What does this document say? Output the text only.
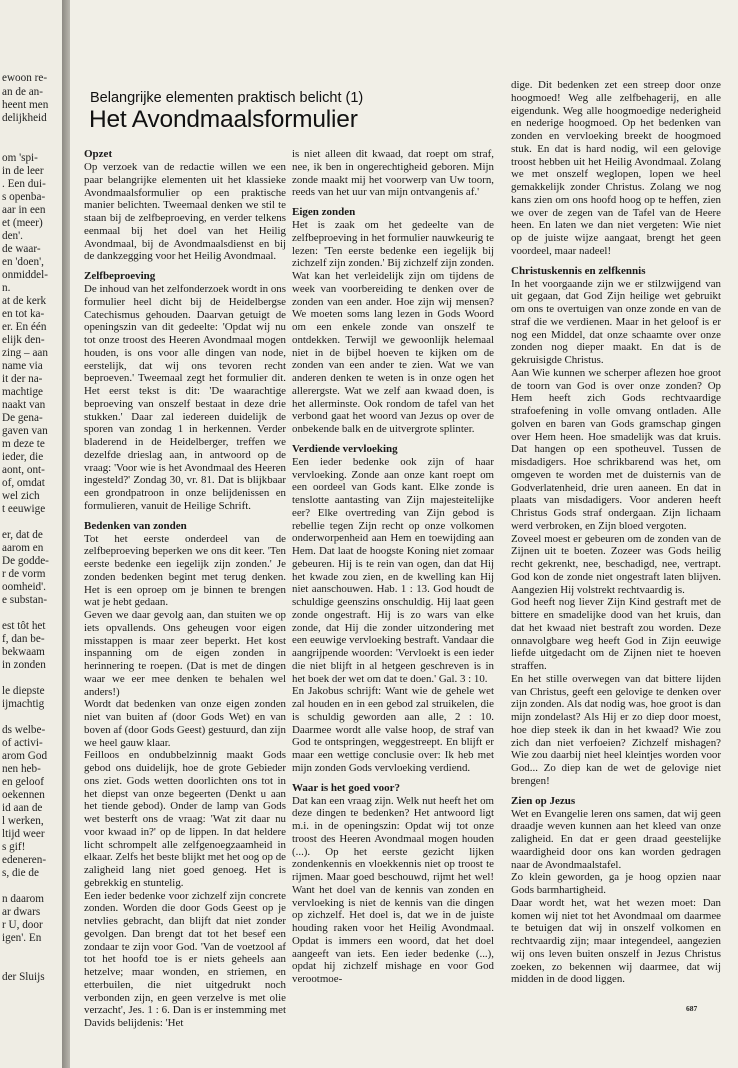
ewoon re-
an de an-
heent men
delijkheid
om 'spi-
in de leer
. Een dui-
s openba-
aar in een
et (meer)
den'.
de waar-
en 'doen',
onmiddel-
n.
at de kerk
en tot ka-
er. En één
elijk den-
zing – aan
name via
it der na-
machtige
naakt van
De gena-
gaven van
m deze te
ieder, die
aont, ont-
of, omdat
wel zich
t eeuwige
er, dat de
aarom en
De godde-
r de vorm
oomheid'.
e substan-
est tôt het
f, dan be-
bekwaam
in zonden
le diepste
ijmachtig
ds welbe-
of activi-
arom God
nen heb-
en geloof
oekennen
id aan de
l werken,
ltijd weer
s gif!
edeneren-
s, die de
n daarom
ar dwars
r U, door
igen'. En
der Sluijs
Belangrijke elementen praktisch belicht (1)
Het Avondmaalsformulier
Opzet

Op verzoek van de redactie willen we een paar belangrijke elementen uit het klassieke Avondmaalsformulier op een praktische manier belichten. Tweemaal denken we stil te staan bij de zelfbeproeving, en verder telkens eenmaal bij het doel van het Heilig Avondmaal, bij de Avondmaalsdienst en bij de dankzegging voor het Heilig Avondmaal.

Zelfbeproeving

De inhoud van het zelfonderzoek wordt in ons formulier heel dicht bij de Heidelbergse Catechismus gehouden. Daarvan getuigt de openingszin van dit gedeelte: 'Opdat wij nu tot onze troost des Heeren Avondmaal mogen houden, is ons voor alle dingen van node, eerstelijk, dat wij ons tevoren recht beproeven.' Tweemaal zegt het formulier dit. Het eerst tekst is dit: 'De waarachtige beproeving van onszelf bestaat in deze drie stukken.' Daar zal iedereen duidelijk de sporen van zondag 1 in herkennen. Verder bladerend in de Heidelberger, treffen we dezelfde drieslag aan, in antwoord op de vraag: 'Voor wie is het Avondmaal des Heeren ingesteld?' Zondag 30, vr. 81. Dat is blijkbaar een grondpatroon in onze belijdenissen en formulieren, vanuit de Heilige Schrift.

Bedenken van zonden

Tot het eerste onderdeel van de zelfbeproeving beperken we ons dit keer. 'Ten eerste bedenke een iegelijk zijn zonden.' Je zonden bedenken begint met terug denken. Het is een oproep om je binnen te brengen wat je hebt gedaan.

Geven we daar gevolg aan, dan stuiten we op iets opvallends. Ons geheugen voor eigen misstappen is maar zeer beperkt. Het kost inspanning om de eigen zonden in herinnering te roepen. (Dat is met de dingen waar we eer mee denken te behalen wel anders!)

Wordt dat bedenken van onze eigen zonden niet van buiten af (door Gods Wet) en van boven af (door Gods Geest) gestuurd, dan zijn we heel gauw klaar.

Feilloos en ondubbelzinnig maakt Gods gebod ons duidelijk, hoe de grote Gebieder ons ziet. Gods wetten doorlichten ons tot in het diepst van onze begeerten (Denkt u aan het tiende gebod). Onder de lamp van Gods wet besterft ons de vraag: 'Wat zit daar nu voor kwaad in?' op de lippen. In dat heldere licht schrompelt alle zelfgenoegzaamheid in elkaar. Zelfs het beste blijkt met het oog op de zaligheid lang niet goed genoeg. Het is gebrekkig en stuntelig.

Een ieder bedenke voor zichzelf zijn concrete zonden. Worden die door Gods Geest op je netvlies gebracht, dan blijft dat niet zonder gevolgen. Dan brengt dat tot het besef een zondaar te zijn voor God. 'Van de voetzool af tot het hoofd toe is er niets geheels aan hetzelve; maar wonden, en striemen, en etterbuilen, die niet uitgedrukt noch verbonden zijn, en geen verzelve is met olie verzacht', Jes. 1 : 6. Dan is er instemming met Davids belijdenis: 'Het

is niet alleen dit kwaad, dat roept om straf, nee, ik ben in ongerechtigheid geboren. Mijn zonde maakt mij het voorwerp van Uw toorn, reeds van het uur van mijn ontvangenis af.'

Eigen zonden

Het is zaak om het gedeelte van de zelfbeproeving in het formulier nauwkeurig te lezen: 'Ten eerste bedenke een iegelijk bij zichzelf zijn zonden.' Bij zichzelf zijn zonden. Wat kan het verleidelijk zijn om tijdens de week van voorbereiding te denken over de zonden van een ander. Hoe zijn wij mensen? We moeten soms lang lezen in Gods Woord om een enkele zonde van onszelf te ontdekken. Terwijl we gewoonlijk helemaal niet in de bijbel hoeven te kijken om de zonden van een ander te zien. Wat we van anderen denken te weten is in onze ogen het allerergste. Wat we zelf aan kwaad doen, is het allerminste. Ook rondom de tafel van het verbond gaat het woord van Jezus op over de onbekende balk en de uitvergrote splinter.

Verdiende vervloeking

Een ieder bedenke ook zijn of haar vervloeking. Zonde aan onze kant roept om een oordeel van Gods kant. Elke zonde is tenslotte aantasting van Zijn majesteitelijke eer? Elke overtreding van Zijn gebod is rebellie tegen Zijn recht op onze volkomen onderworpenheid aan Hem en toewijding aan Hem. Dat laat de hoogste Koning niet zomaar gebeuren. Hij is te rein van ogen, dan dat Hij het kwade zou zien, en de kwelling kan Hij niet aanschouwen. Hab. 1 : 13. God houdt de schuldige geenszins onschuldig. Hij laat geen zonde ongestraft. Hij is zo wars van elke zonde, dat Hij die zonder uitzondering met een eeuwige vervloeking bestraft. Vandaar die aangrijpende woorden: 'Vervloekt is een ieder die niet blijft in al hetgeen geschreven is in het boek der wet om dat te doen.' Gal. 3 : 10.

En Jakobus schrijft: Want wie de gehele wet zal houden en in een gebod zal struikelen, die is schuldig geworden aan alle, 2 : 10. Daarmee wordt alle valse hoop, de straf van God te ontspringen, weggestreept. En blijft er maar een wettige conclusie over: Ik heb met mijn zonden Gods vervloeking verdiend.

Waar is het goed voor?

Dat kan een vraag zijn. Welk nut heeft het om deze dingen te bedenken? Het antwoord ligt m.i. in de openingszin: Opdat wij tot onze troost des Heeren Avondmaal mogen houden (...). Op het eerste gezicht lijken zondenkennis en vloekkennis niet op troost te rijmen. Maar goed beschouwd, rijmt het wel! Want het doel van de kennis van zonden en vervloeking is niet de kennis van die dingen op zichzelf. Het doel is, dat we in de juiste houding raken voor het Heilig Avondmaal. Opdat is immers een woord, dat het doel aangeeft van iets. Een ieder bedenke (...), opdat hij zichzelf mishage en voor God verootmoe-

dige. Dit bedenken zet een streep door onze hoogmoed! Weg alle zelfbehagerij, en alle eigendunk. Weg alle hoogmoedige nederigheid en nederige hoogmoed. Op het bedenken van zonden en vervloeking breekt de hoogmoed stuk. En dat is hard nodig, wil een gelovige troost hebben uit het Heilig Avondmaal. Zolang we met onszelf weglopen, lopen we heel gemakkelijk zonder Christus. Zolang we nog kans zien om ons hoofd hoog op te heffen, zien we over de zegen van de Tafel van de Heere heen. En laten we dan niet vergeten: Wie niet op de juiste wijze aangaat, brengt het geen voordeel, maar nadeel!

Christuskennis en zelfkennis

In het voorgaande zijn we er stilzwijgend van uit gegaan, dat God Zijn heilige wet gebruikt om ons te overtuigen van onze zonde en van de straf die we verdienen. Maar in het geloof is er nog een Middel, dat onze schaamte over onze zonden nog dieper maakt. En dat is de gekruisigde Christus.

Aan Wie kunnen we scherper aflezen hoe groot de toorn van God is over onze zonden? Op Hem heeft zich Gods rechtvaardige strafoefening in volle omvang ontladen. Alle golven en baren van Gods gramschap gingen over Hem heen. Hoe smadelijk was dat kruis. Dat hangen op een spotheuvel. Tussen de misdadigers. Hoe schrikbarend was het, om omgeven te worden met de duisternis van de Godverlatenheid, drie uren aaneen. En dat in plaats van misdadigers. Voor anderen heeft Christus Gods straf ondergaan. Zijn lichaam werd verbroken, en Zijn bloed vergoten.

Zoveel moest er gebeuren om de zonden van de Zijnen uit te boeten. Zozeer was Gods heilig recht gekrenkt, nee, beschadigd, nee, vertrapt. God kon de zonde niet ongestraft laten blijven. Aangezien Hij volstrekt rechtvaardig is.

God heeft nog liever Zijn Kind gestraft met de bittere en smadelijke dood van het kruis, dan dat het kwaad niet bestraft zou worden. Deze onnavolgbare weg heeft God in Zijn eeuwige liefde uitgedacht om de Zijnen niet te hoeven straffen.

En het stille overwegen van dat bittere lijden van Christus, geeft een gelovige te denken over zijn zonden. Als dat nodig was, hoe groot is dan mijn zondelast? Als Hij er zo diep door moest, hoe diep steek ik dan in het kwaad? Wie zou zich dan niet verfoeien? Zichzelf mishagen? Wie zou daarbij niet heel kleintjes worden voor God... Zo diep kan de wet de gelovige niet brengen!

Zien op Jezus

Wet en Evangelie leren ons samen, dat wij geen draadje weven kunnen aan het kleed van onze zaligheid. En dat er geen draad geestelijke waardigheid door ons kan worden gedragen naar de Avondmaalstafel.

Zo klein geworden, ga je hoog opzien naar Gods barmhartigheid.

Daar wordt het, wat het wezen moet: Dan komen wij niet tot het Avondmaal om daarmee te betuigen dat wij in onszelf volkomen en rechtvaardig zijn; maar integendeel, aangezien wij ons leven buiten onszelf in Jezus Christus zoeken, zo bekennen wij daarmee, dat wij midden in de dood liggen.

687
